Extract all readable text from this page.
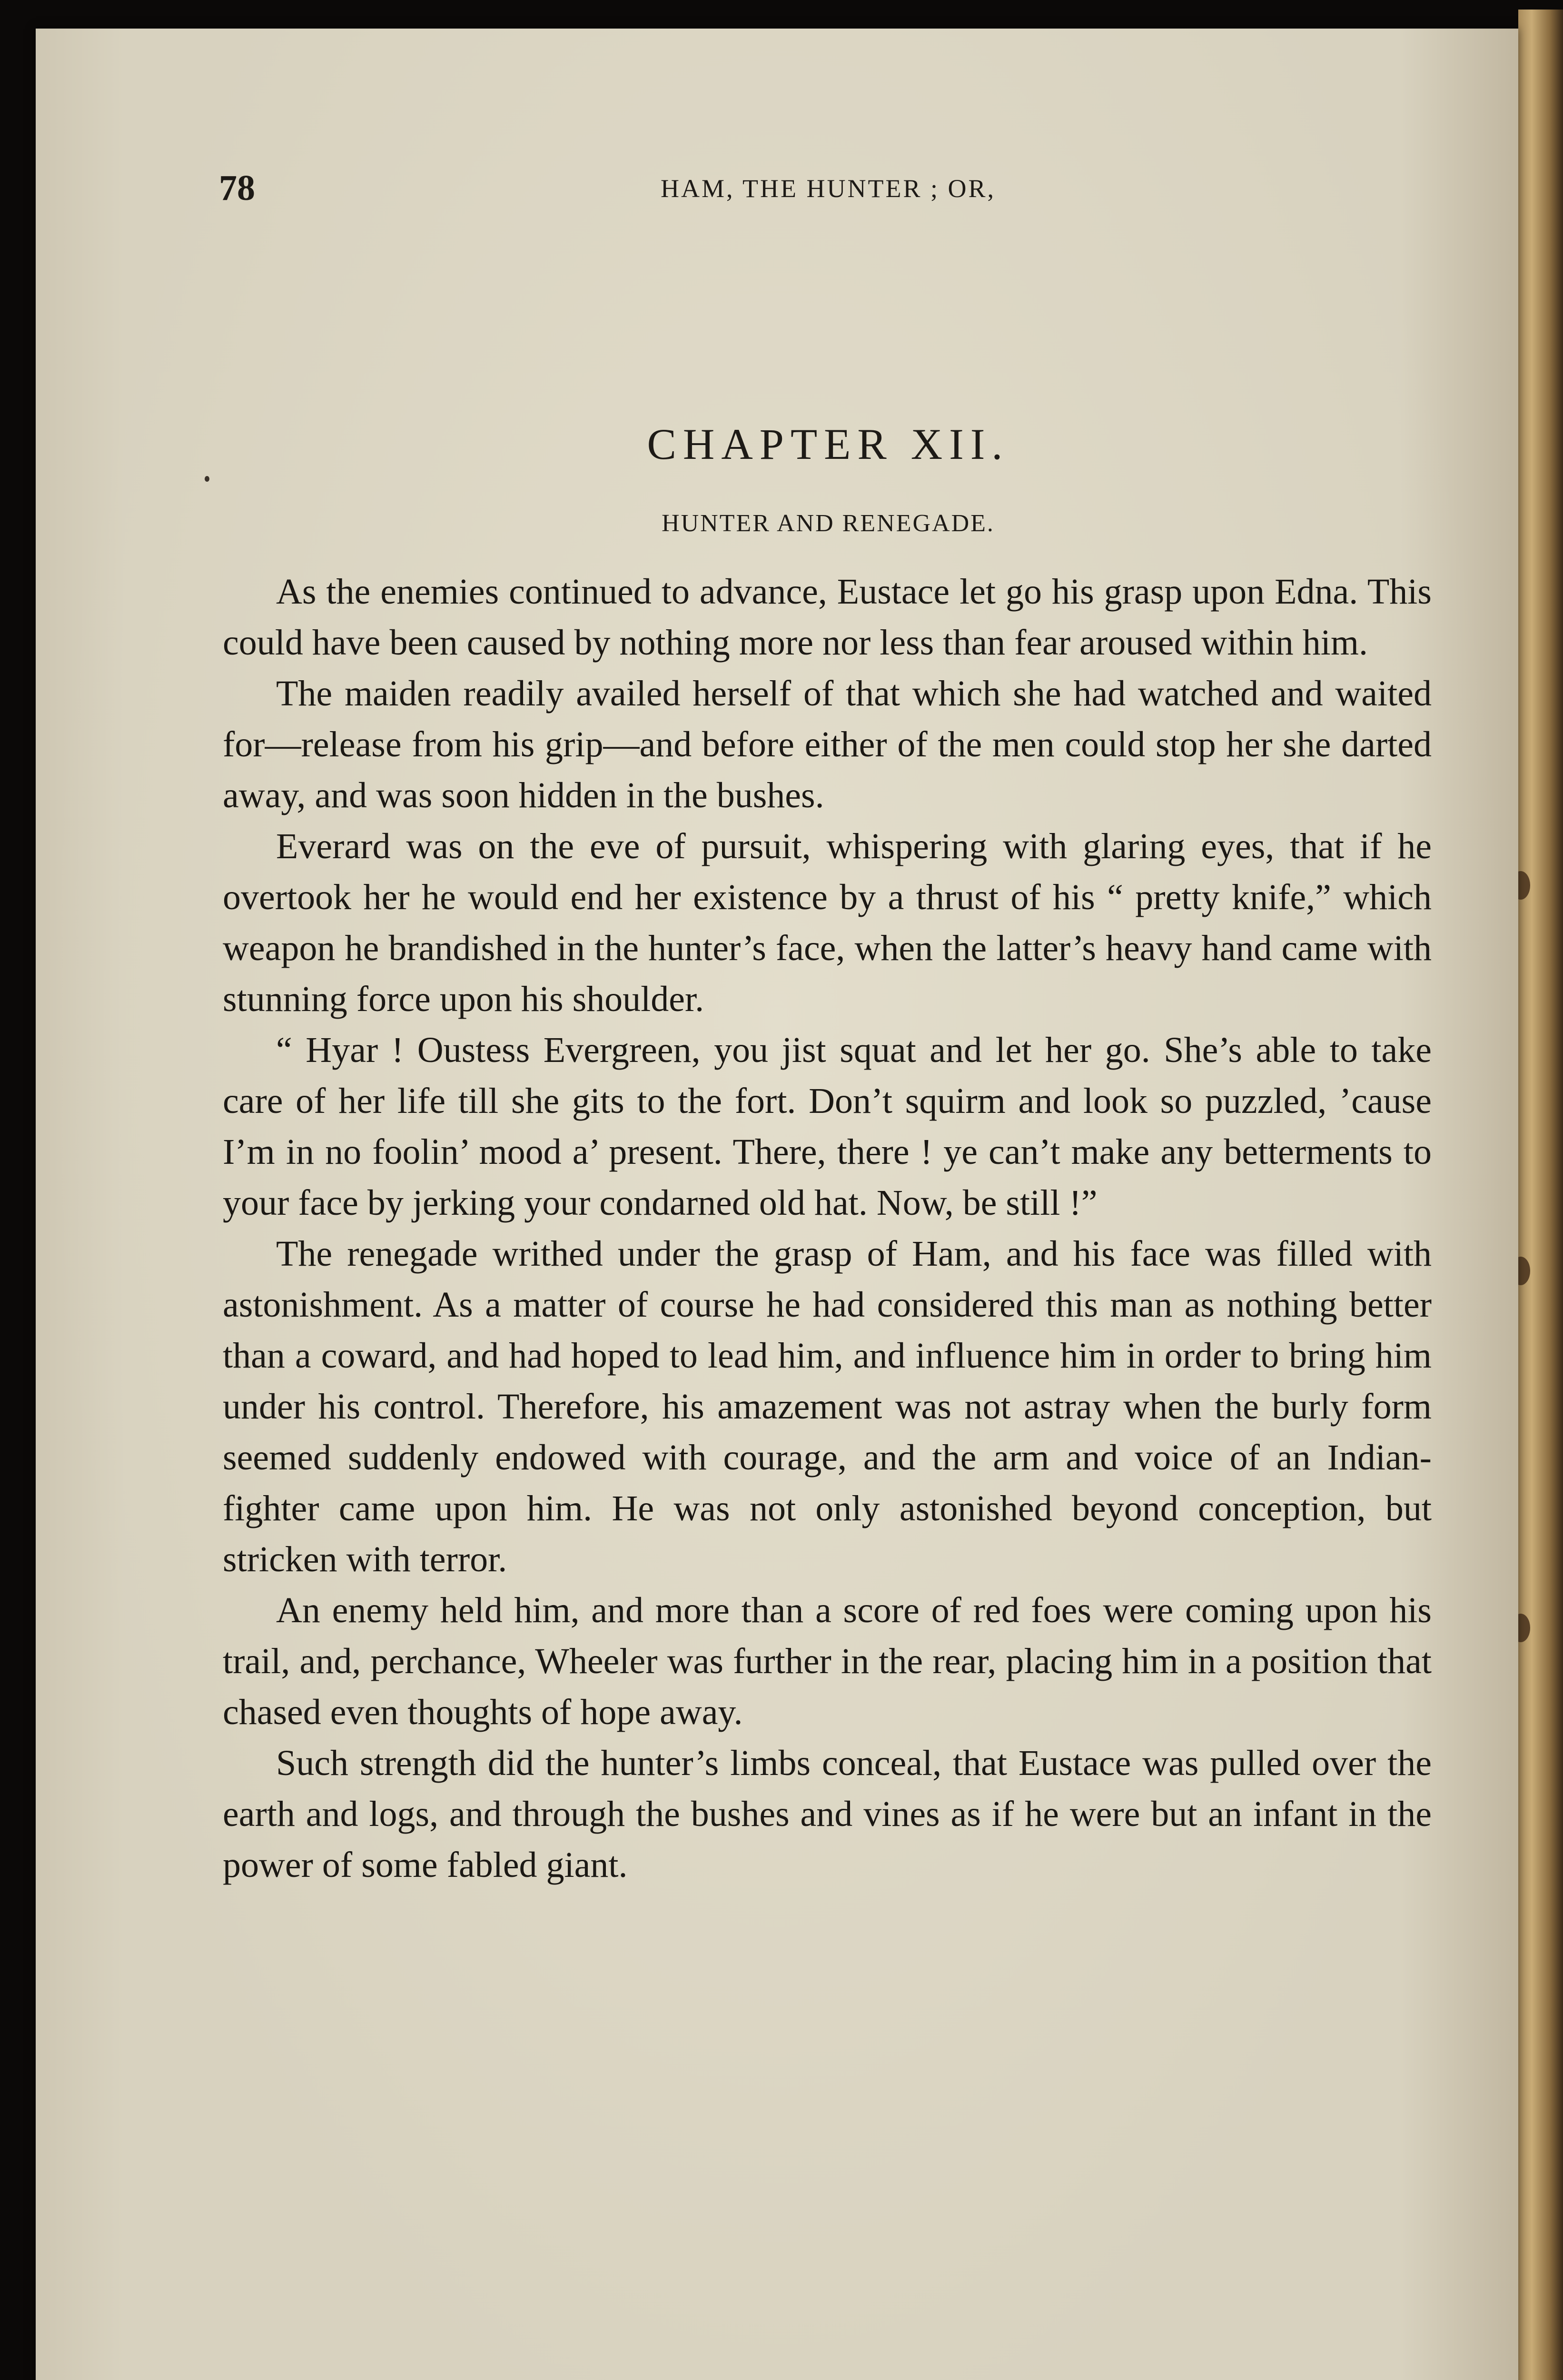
78	HAM, THE HUNTER ; OR,
CHAPTER XII.
HUNTER AND RENEGADE.

As the enemies continued to advance, Eustace let go his grasp upon Edna. This could have been caused by nothing more nor less than fear aroused within him.

The maiden readily availed herself of that which she had watched and waited for—release from his grip—and before either of the men could stop her she darted away, and was soon hidden in the bushes.

Everard was on the eve of pursuit, whispering with glaring eyes, that if he overtook her he would end her existence by a thrust of his “ pretty knife,” which weapon he brandished in the hunter’s face, when the latter’s heavy hand came with stunning force upon his shoulder.

“ Hyar ! Oustess Evergreen, you jist squat and let her go. She’s able to take care of her life till she gits to the fort. Don’t squirm and look so puzzled, ’cause I’m in no foolin’ mood a’ present. There, there ! ye can’t make any betterments to your face by jerking your condarned old hat. Now, be still !”

The renegade writhed under the grasp of Ham, and his face was filled with astonishment. As a matter of course he had considered this man as nothing better than a coward, and had hoped to lead him, and influence him in order to bring him under his control. Therefore, his amazement was not astray when the burly form seemed suddenly endowed with courage, and the arm and voice of an Indian-fighter came upon him. He was not only astonished beyond conception, but stricken with terror.

An enemy held him, and more than a score of red foes were coming upon his trail, and, perchance, Wheeler was further in the rear, placing him in a position that chased even thoughts of hope away.

Such strength did the hunter’s limbs conceal, that Eustace was pulled over the earth and logs, and through the bushes and vines as if he were but an infant in the power of some fabled giant.
